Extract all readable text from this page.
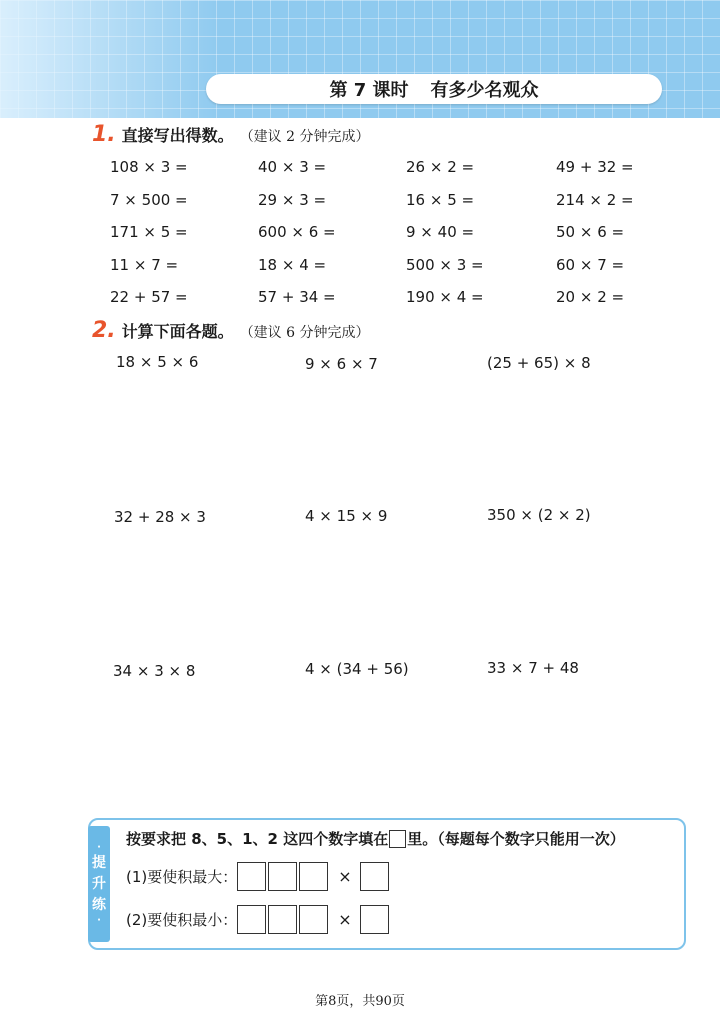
第 7 课时 有多少名观众
1. 直接写出得数。 （建议 2 分钟完成）
108 × 3 =	40 × 3 =	26 × 2 =	49 + 32 =
7 × 500 =	29 × 3 =	16 × 5 =	214 × 2 =
171 × 5 =	600 × 6 =	9 × 40 =	50 × 6 =
11 × 7 =	18 × 4 =	500 × 3 =	60 × 7 =
22 + 57 =	57 + 34 =	190 × 4 =	20 × 2 =
2. 计算下面各题。 （建议 6 分钟完成）
18 × 5 × 6	9 × 6 × 7	(25 + 65) × 8
32 + 28 × 3	4 × 15 × 9	350 × (2 × 2)
34 × 3 × 8	4 × (34 + 56)	33 × 7 + 48
·
提
升
练
·
按要求把 8、5、1、2 这四个数字填在 里。（每题每个数字只能用一次）
(1)要使积最大：	×
(2)要使积最小：	×
第8页，共90页
